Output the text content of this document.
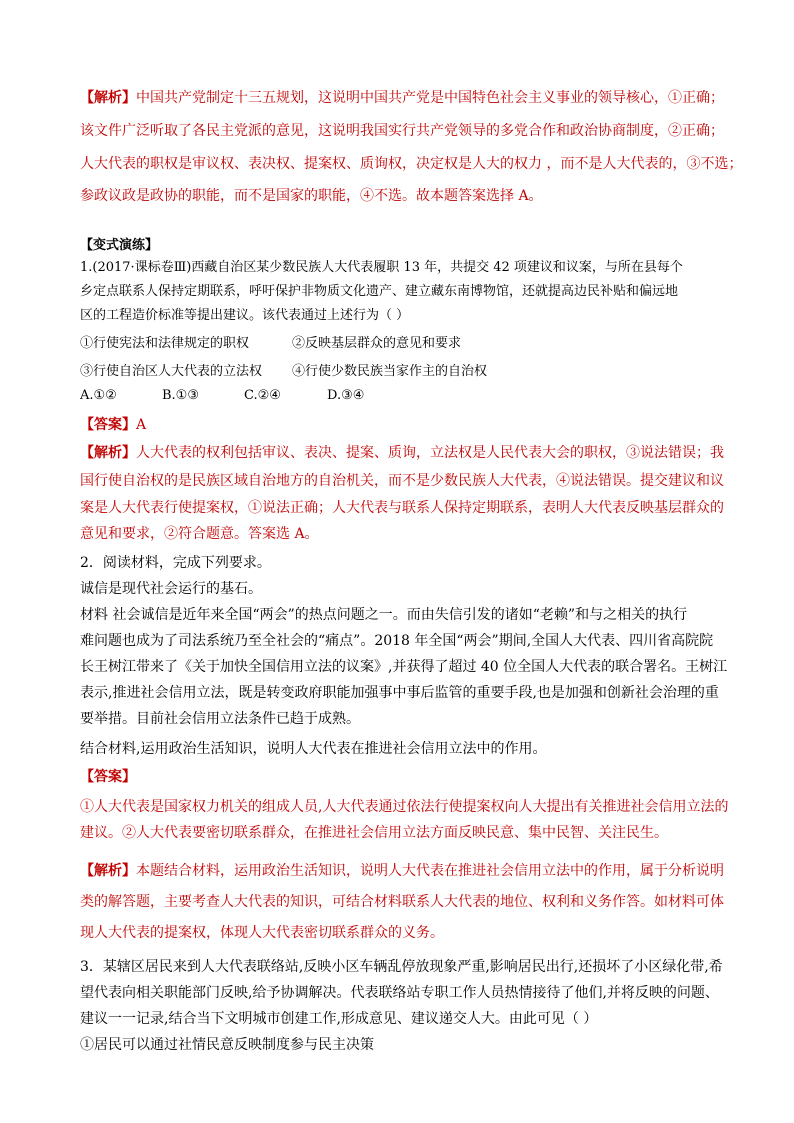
【解析】中国共产党制定十三五规划，这说明中国共产党是中国特色社会主义事业的领导核心，①正确；
该文件广泛听取了各民主党派的意见，这说明我国实行共产党领导的多党合作和政治协商制度，②正确；
人大代表的职权是审议权、表决权、提案权、质询权，决定权是人大的权力 ，而不是人大代表的，③不选；
参政议政是政协的职能，而不是国家的职能，④不选。故本题答案选择 A。
【变式演练】
1.(2017·课标卷Ⅲ)西藏自治区某少数民族人大代表履职 13 年，共提交 42 项建议和议案，与所在县每个
乡定点联系人保持定期联系，呼吁保护非物质文化遗产、建立藏东南博物馆，还就提高边民补贴和偏远地
区的工程造价标准等提出建议。该代表通过上述行为（ ）
①行使宪法和法律规定的职权	②反映基层群众的意见和要求
③行使自治区人大代表的立法权 ④行使少数民族当家作主的自治权
A.①②	B.①③	C.②④	D.③④
【答案】A
【解析】人大代表的权利包括审议、表决、提案、质询，立法权是人民代表大会的职权，③说法错误；我
国行使自治权的是民族区域自治地方的自治机关，而不是少数民族人大代表，④说法错误。提交建议和议
案是人大代表行使提案权，①说法正确；人大代表与联系人保持定期联系，表明人大代表反映基层群众的
意见和要求，②符合题意。答案选 A。
2．阅读材料，完成下列要求。
诚信是现代社会运行的基石。
材料 社会诚信是近年来全国“两会”的热点问题之一。而由失信引发的诸如“老赖”和与之相关的执行
难问题也成为了司法系统乃至全社会的“痛点”。2018 年全国“两会”期间,全国人大代表、四川省高院院
长王树江带来了《关于加快全国信用立法的议案》,并获得了超过 40 位全国人大代表的联合署名。王树江
表示,推进社会信用立法，既是转变政府职能加强事中事后监管的重要手段,也是加强和创新社会治理的重
要举措。目前社会信用立法条件已趋于成熟。
结合材料,运用政治生活知识，说明人大代表在推进社会信用立法中的作用。
【答案】
①人大代表是国家权力机关的组成人员,人大代表通过依法行使提案权向人大提出有关推进社会信用立法的
建议。②人大代表要密切联系群众，在推进社会信用立法方面反映民意、集中民智、关注民生。
【解析】本题结合材料，运用政治生活知识，说明人大代表在推进社会信用立法中的作用，属于分析说明
类的解答题，主要考查人大代表的知识，可结合材料联系人大代表的地位、权利和义务作答。如材料可体
现人大代表的提案权，体现人大代表密切联系群众的义务。
3．某辖区居民来到人大代表联络站,反映小区车辆乱停放现象严重,影响居民出行,还损坏了小区绿化带,希
望代表向相关职能部门反映,给予协调解决。代表联络站专职工作人员热情接待了他们,并将反映的问题、
建议一一记录,结合当下文明城市创建工作,形成意见、建议递交人大。由此可见（ ）
①居民可以通过社情民意反映制度参与民主决策
